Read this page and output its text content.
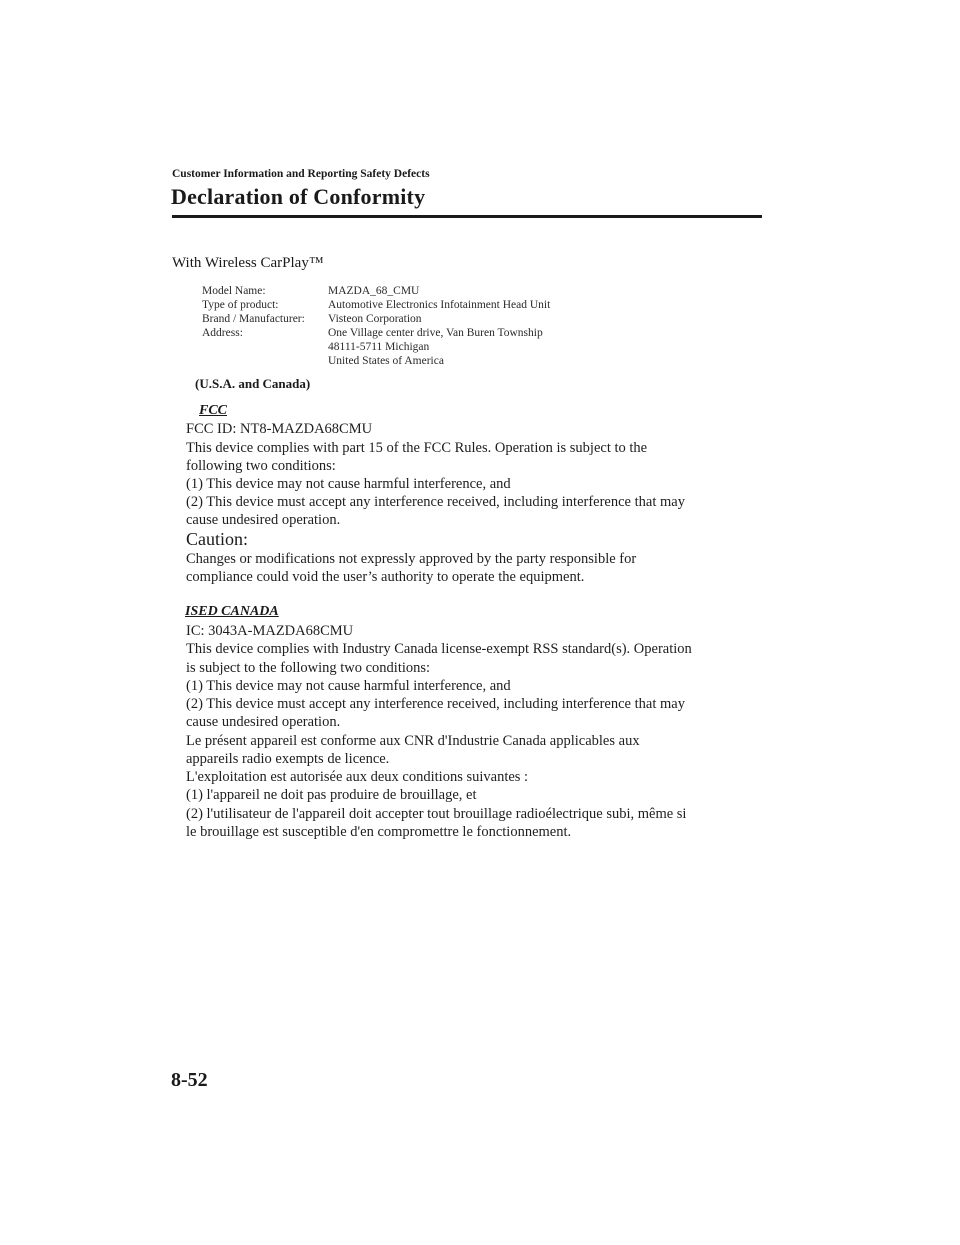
Customer Information and Reporting Safety Defects

Declaration of Conformity

With Wireless CarPlay™

Model Name:	MAZDA_68_CMU

Type of product:	Automotive Electronics Infotainment Head Unit

Brand / Manufacturer: Visteon Corporation

Address:	One Village center drive, Van Buren Township

48111-5711 Michigan

United States of America

(U.S.A. and Canada)

FCC

FCC ID: NT8-MAZDA68CMU

This device complies with part 15 of the FCC Rules. Operation is subject to the

following two conditions:

(1) This device may not cause harmful interference, and

(2) This device must accept any interference received, including interference that may

cause undesired operation.

Caution:

Changes or modifications not expressly approved by the party responsible for

compliance could void the user’s authority to operate the equipment.

ISED CANADA

IC: 3043A-MAZDA68CMU

This device complies with Industry Canada license-exempt RSS standard(s). Operation

is subject to the following two conditions:

(1) This device may not cause harmful interference, and

(2) This device must accept any interference received, including interference that may

cause undesired operation.

Le présent appareil est conforme aux CNR d'Industrie Canada applicables aux

appareils radio exempts de licence.

L'exploitation est autorisée aux deux conditions suivantes :

(1) l'appareil ne doit pas produire de brouillage, et

(2) l'utilisateur de l'appareil doit accepter tout brouillage radioélectrique subi, même si

le brouillage est susceptible d'en compromettre le fonctionnement.

8-52
